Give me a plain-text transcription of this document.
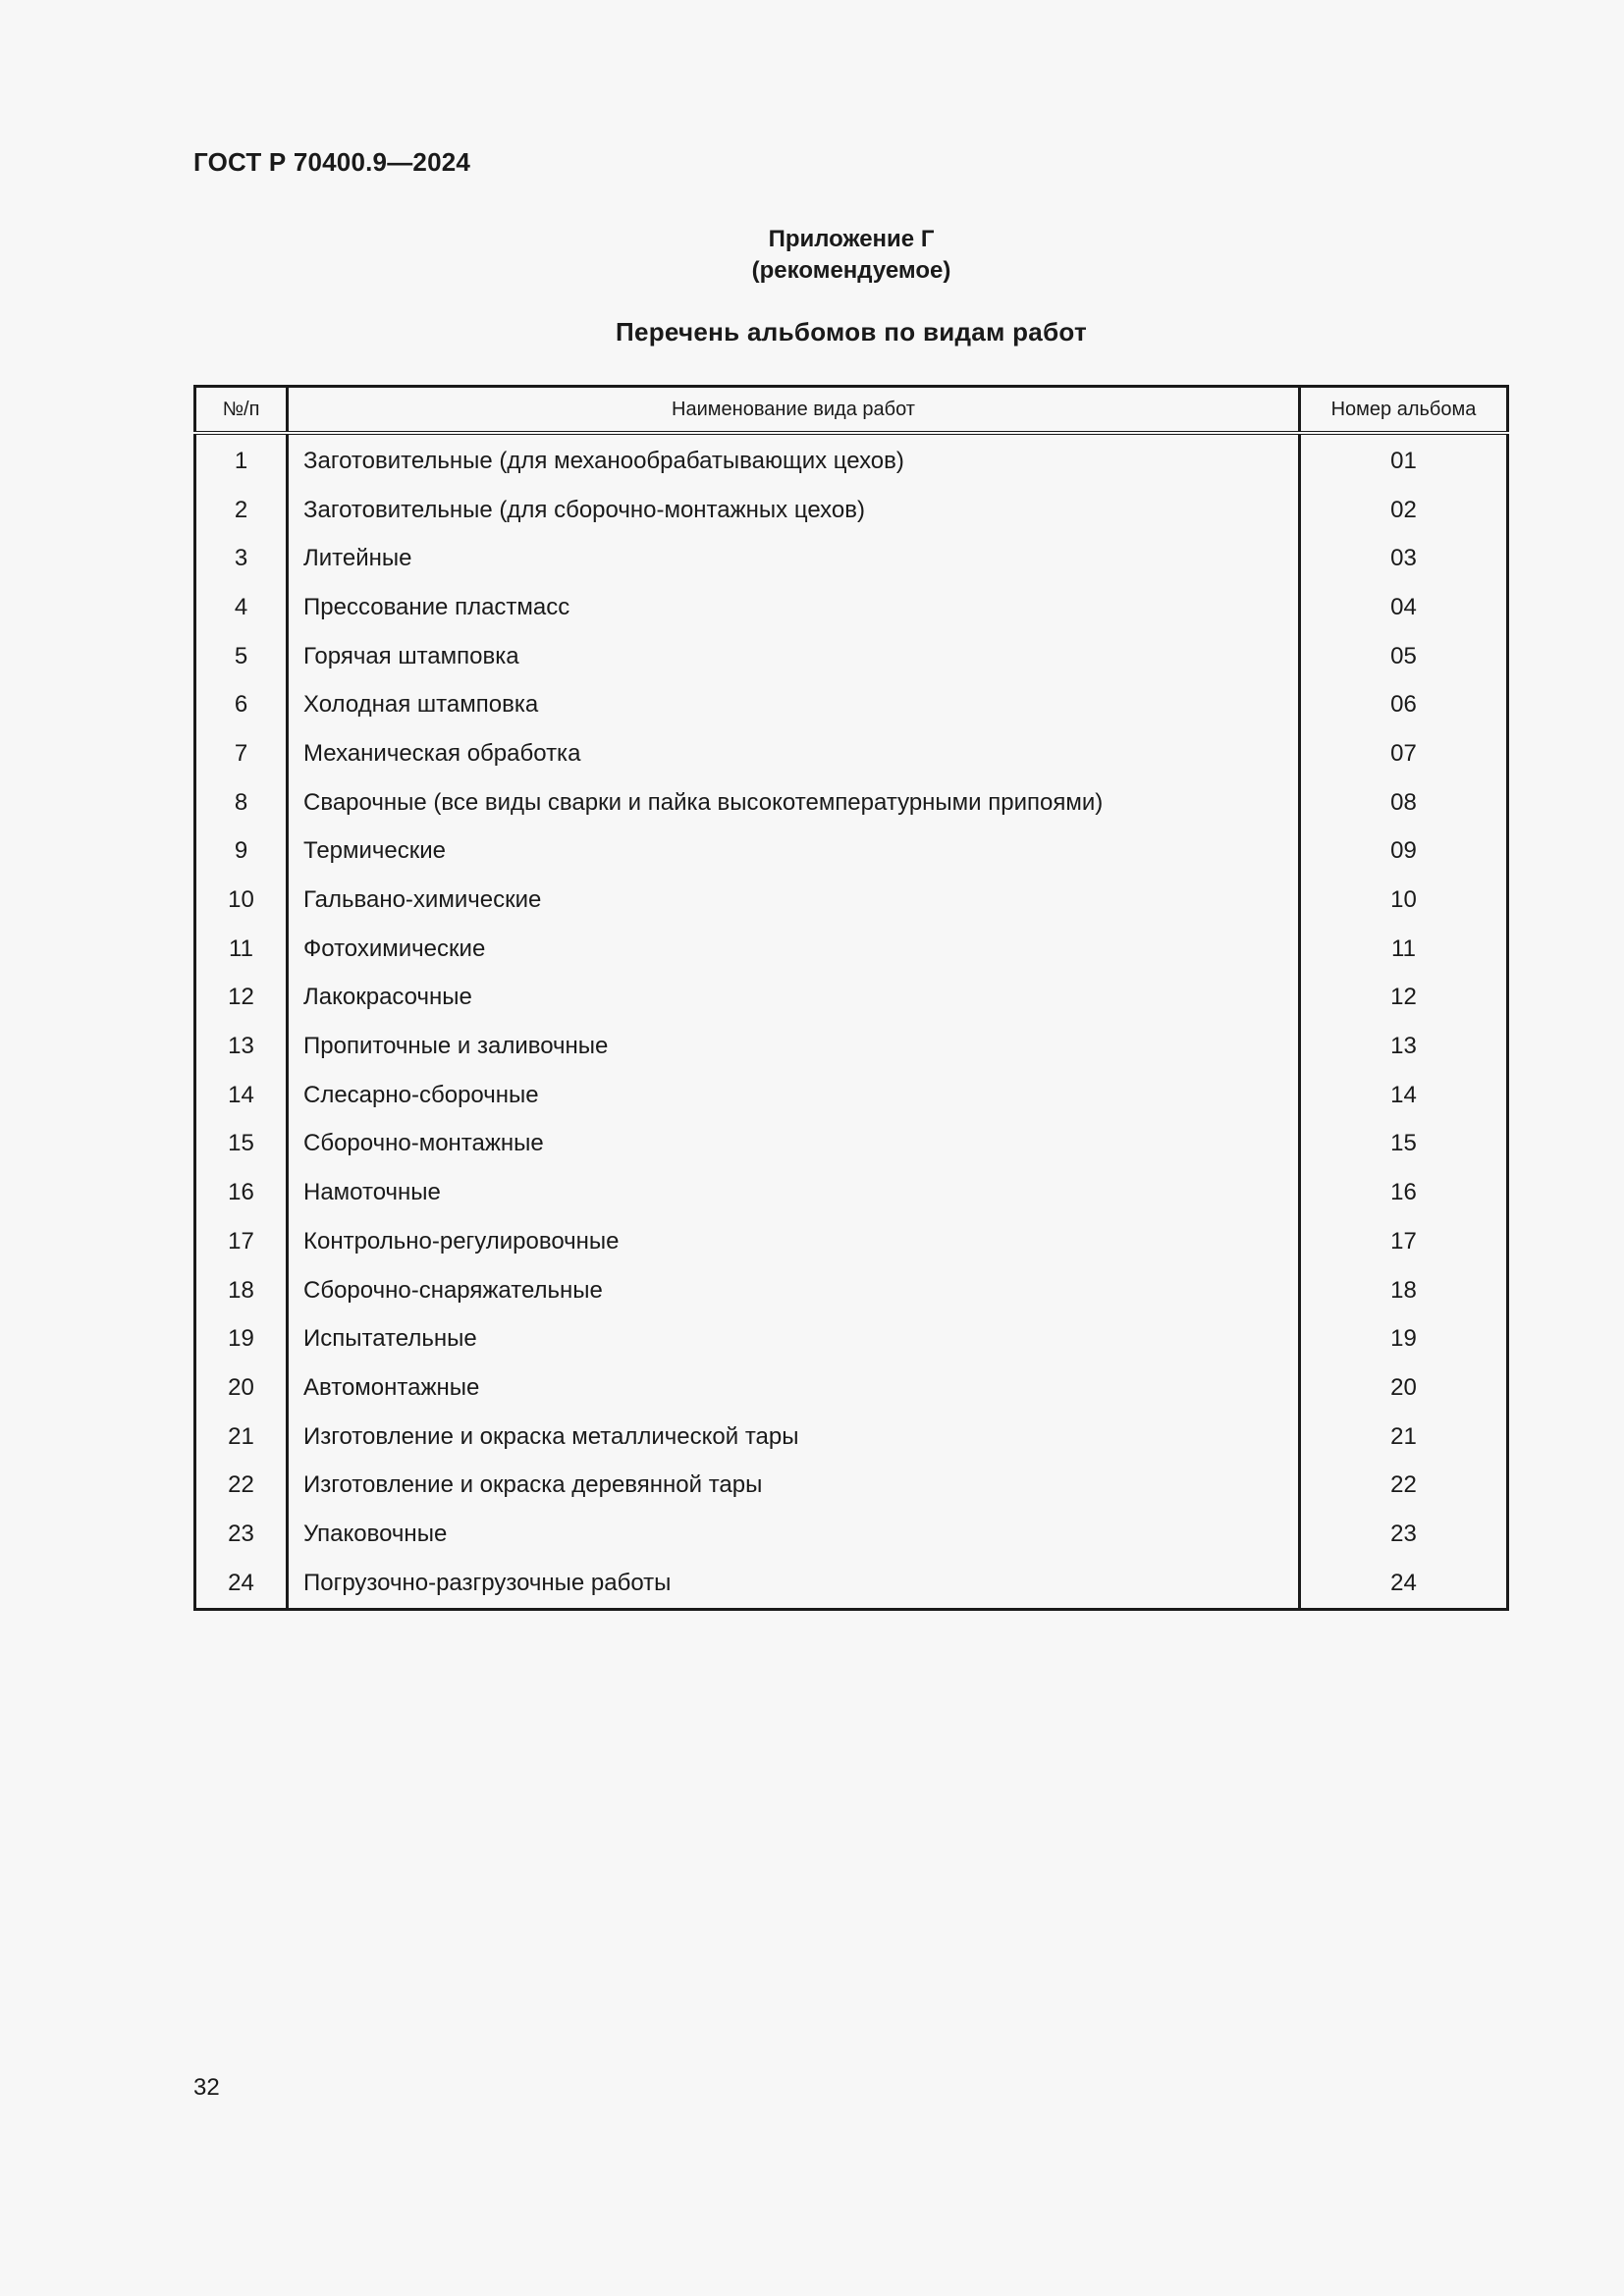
ГОСТ Р 70400.9—2024
Приложение Г
(рекомендуемое)
Перечень альбомов по видам работ
№/п	Наименование вида работ	Номер альбома
1	Заготовительные (для механообрабатывающих цехов)	01
2	Заготовительные (для сборочно-монтажных цехов)	02
3	Литейные	03
4	Прессование пластмасс	04
5	Горячая штамповка	05
6	Холодная штамповка	06
7	Механическая обработка	07
8	Сварочные (все виды сварки и пайка высокотемпературными припоями)	08
9	Термические	09
10	Гальвано-химические	10
11	Фотохимические	11
12	Лакокрасочные	12
13	Пропиточные и заливочные	13
14	Слесарно-сборочные	14
15	Сборочно-монтажные	15
16	Намоточные	16
17	Контрольно-регулировочные	17
18	Сборочно-снаряжательные	18
19	Испытательные	19
20	Автомонтажные	20
21	Изготовление и окраска металлической тары	21
22	Изготовление и окраска деревянной тары	22
23	Упаковочные	23
24	Погрузочно-разгрузочные работы	24
32
